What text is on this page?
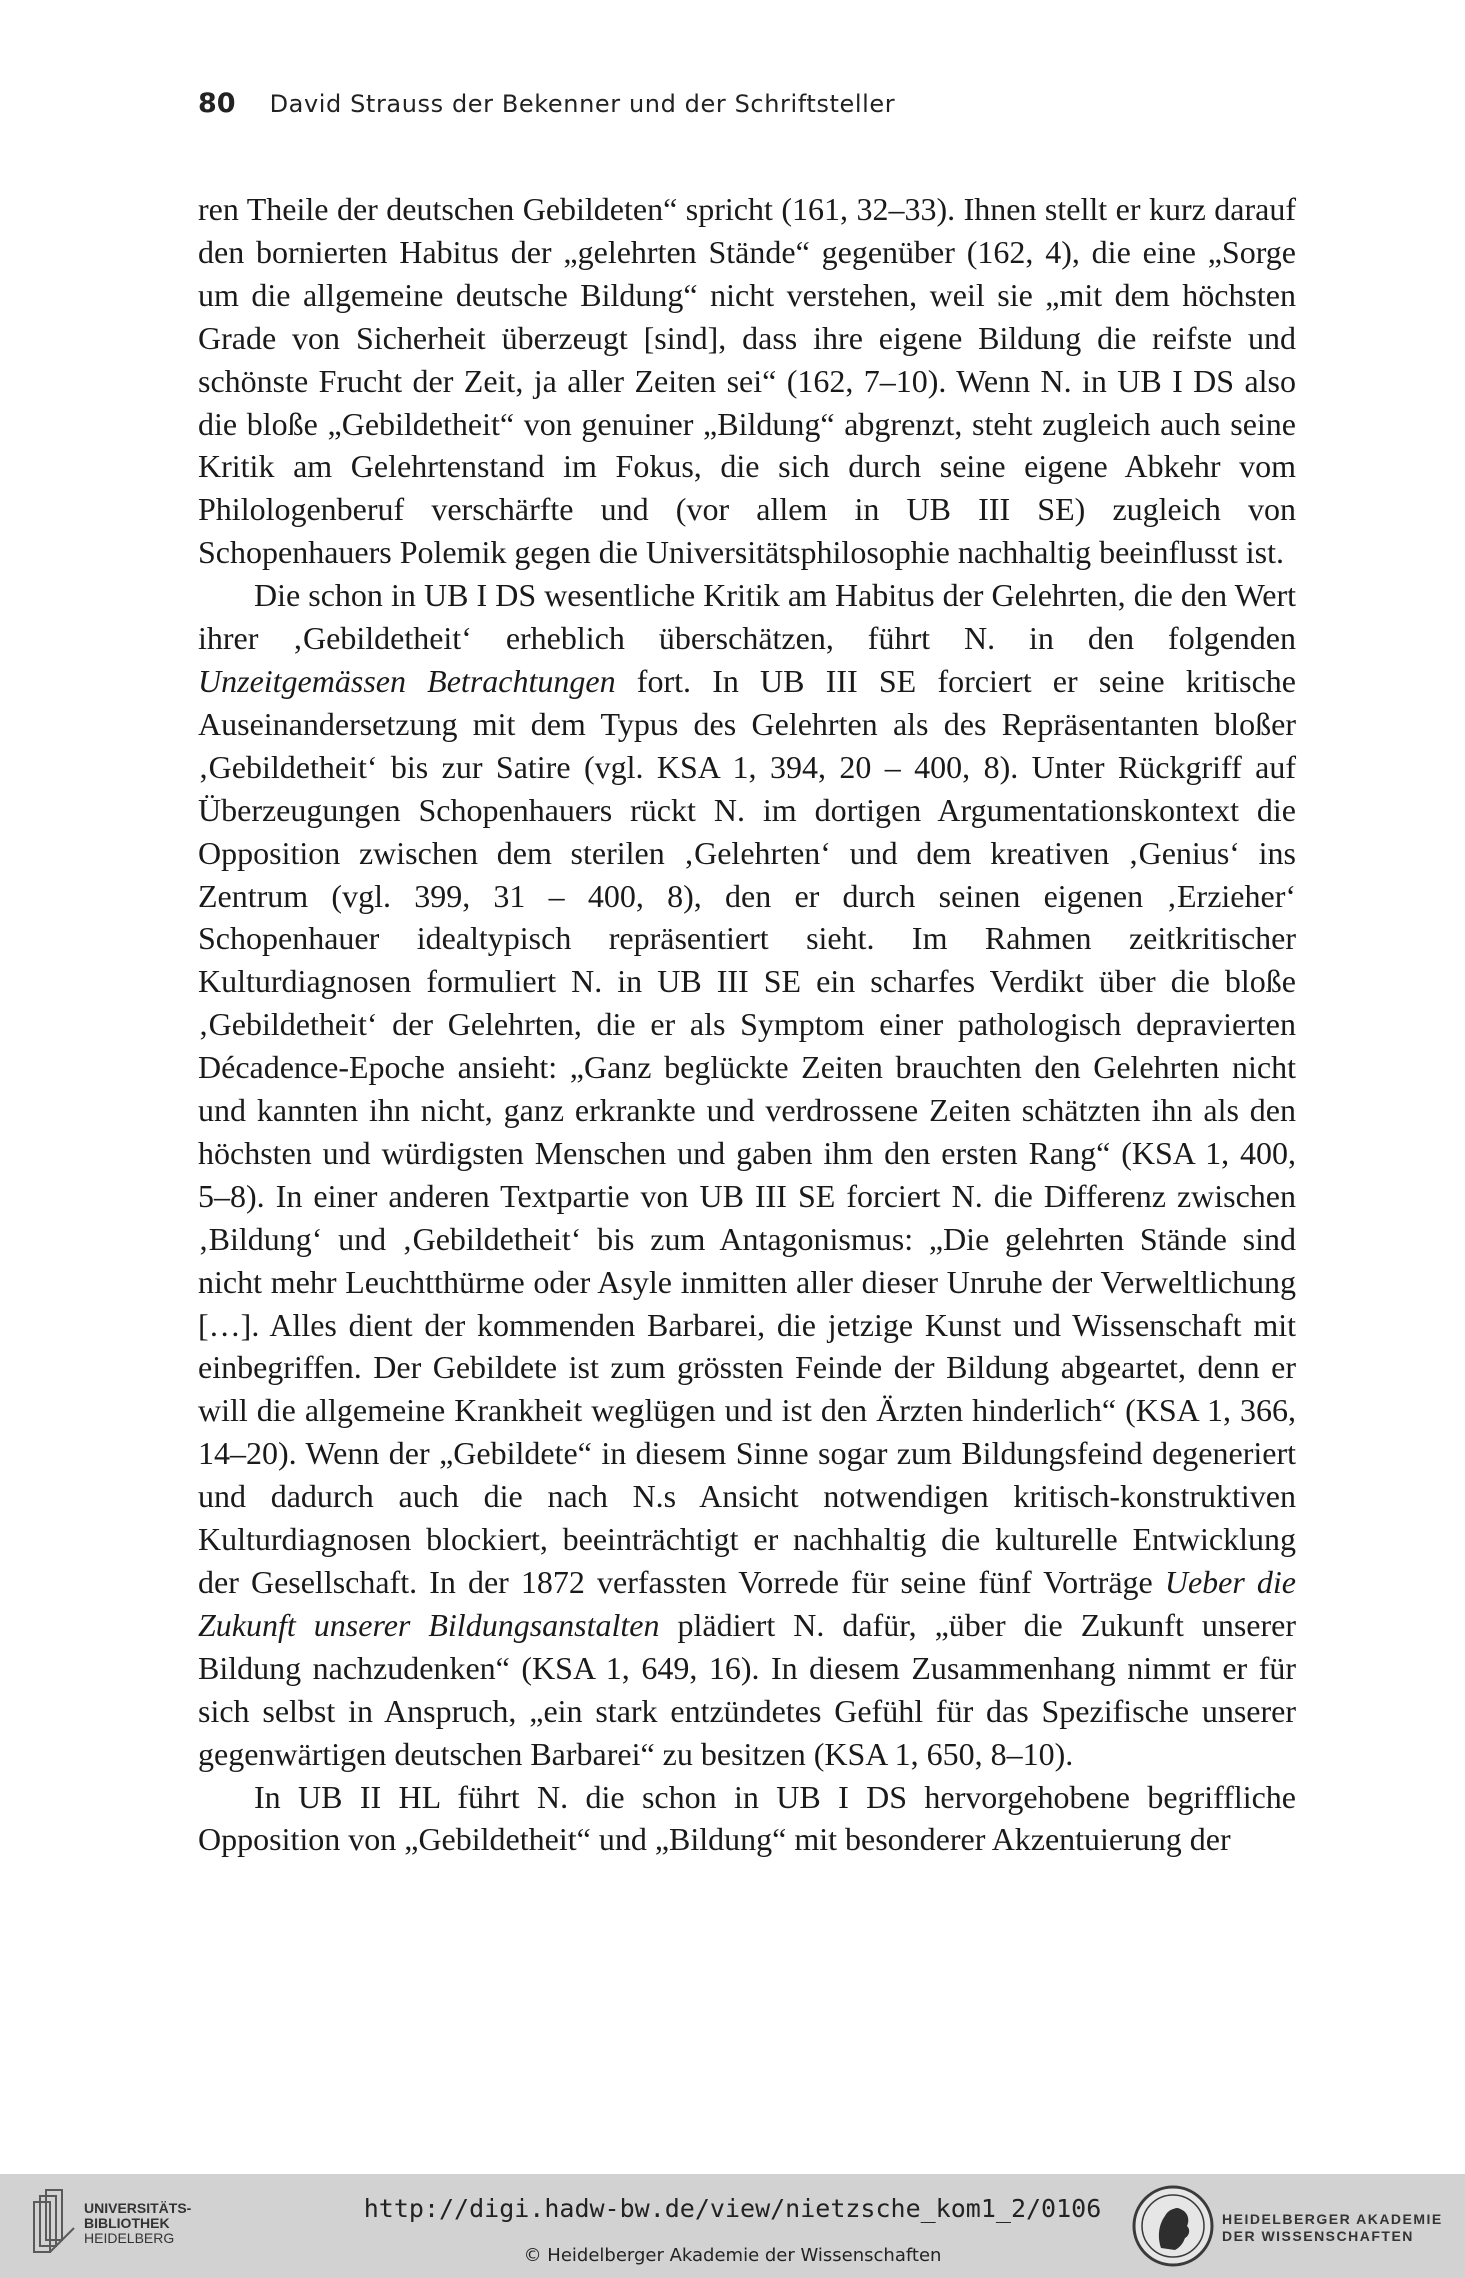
80 David Strauss der Bekenner und der Schriftsteller

ren Theile der deutschen Gebildeten“ spricht (161, 32–33). Ihnen stellt er kurz darauf den bornierten Habitus der „gelehrten Stände“ gegenüber (162, 4), die eine „Sorge um die allgemeine deutsche Bildung“ nicht verstehen, weil sie „mit dem höchsten Grade von Sicherheit überzeugt [sind], dass ihre eigene Bildung die reifste und schönste Frucht der Zeit, ja aller Zeiten sei“ (162, 7–10). Wenn N. in UB I DS also die bloße „Gebildetheit“ von genuiner „Bildung“ abgrenzt, steht zugleich auch seine Kritik am Gelehrtenstand im Fokus, die sich durch seine eigene Abkehr vom Philologenberuf verschärfte und (vor allem in UB III SE) zugleich von Schopenhauers Polemik gegen die Universitätsphilosophie nachhaltig beeinflusst ist.

Die schon in UB I DS wesentliche Kritik am Habitus der Gelehrten, die den Wert ihrer ‚Gebildetheit‘ erheblich überschätzen, führt N. in den folgenden Unzeitgemässen Betrachtungen fort. In UB III SE forciert er seine kritische Auseinandersetzung mit dem Typus des Gelehrten als des Repräsentanten bloßer ‚Gebildetheit‘ bis zur Satire (vgl. KSA 1, 394, 20 – 400, 8). Unter Rückgriff auf Überzeugungen Schopenhauers rückt N. im dortigen Argumentationskontext die Opposition zwischen dem sterilen ‚Gelehrten‘ und dem kreativen ‚Genius‘ ins Zentrum (vgl. 399, 31 – 400, 8), den er durch seinen eigenen ‚Erzieher‘ Schopenhauer idealtypisch repräsentiert sieht. Im Rahmen zeitkritischer Kulturdiagnosen formuliert N. in UB III SE ein scharfes Verdikt über die bloße ‚Gebildetheit‘ der Gelehrten, die er als Symptom einer pathologisch depravierten Décadence-Epoche ansieht: „Ganz beglückte Zeiten brauchten den Gelehrten nicht und kannten ihn nicht, ganz erkrankte und verdrossene Zeiten schätzten ihn als den höchsten und würdigsten Menschen und gaben ihm den ersten Rang“ (KSA 1, 400, 5–8). In einer anderen Textpartie von UB III SE forciert N. die Differenz zwischen ‚Bildung‘ und ‚Gebildetheit‘ bis zum Antagonismus: „Die gelehrten Stände sind nicht mehr Leuchtthürme oder Asyle inmitten aller dieser Unruhe der Verweltlichung […]. Alles dient der kommenden Barbarei, die jetzige Kunst und Wissenschaft mit einbegriffen. Der Gebildete ist zum grössten Feinde der Bildung abgeartet, denn er will die allgemeine Krankheit weglügen und ist den Ärzten hinderlich“ (KSA 1, 366, 14–20). Wenn der „Gebildete“ in diesem Sinne sogar zum Bildungsfeind degeneriert und dadurch auch die nach N.s Ansicht notwendigen kritisch-konstruktiven Kulturdiagnosen blockiert, beeinträchtigt er nachhaltig die kulturelle Entwicklung der Gesellschaft. In der 1872 verfassten Vorrede für seine fünf Vorträge Ueber die Zukunft unserer Bildungsanstalten plädiert N. dafür, „über die Zukunft unserer Bildung nachzudenken“ (KSA 1, 649, 16). In diesem Zusammenhang nimmt er für sich selbst in Anspruch, „ein stark entzündetes Gefühl für das Spezifische unserer gegenwärtigen deutschen Barbarei“ zu besitzen (KSA 1, 650, 8–10).

In UB II HL führt N. die schon in UB I DS hervorgehobene begriffliche Opposition von „Gebildetheit“ und „Bildung“ mit besonderer Akzentuierung der

UNIVERSITÄTS-
BIBLIOTHEK
HEIDELBERG
http://digi.hadw-bw.de/view/nietzsche_kom1_2/0106
© Heidelberger Akademie der Wissenschaften
HEIDELBERGER AKADEMIE
DER WISSENSCHAFTEN
